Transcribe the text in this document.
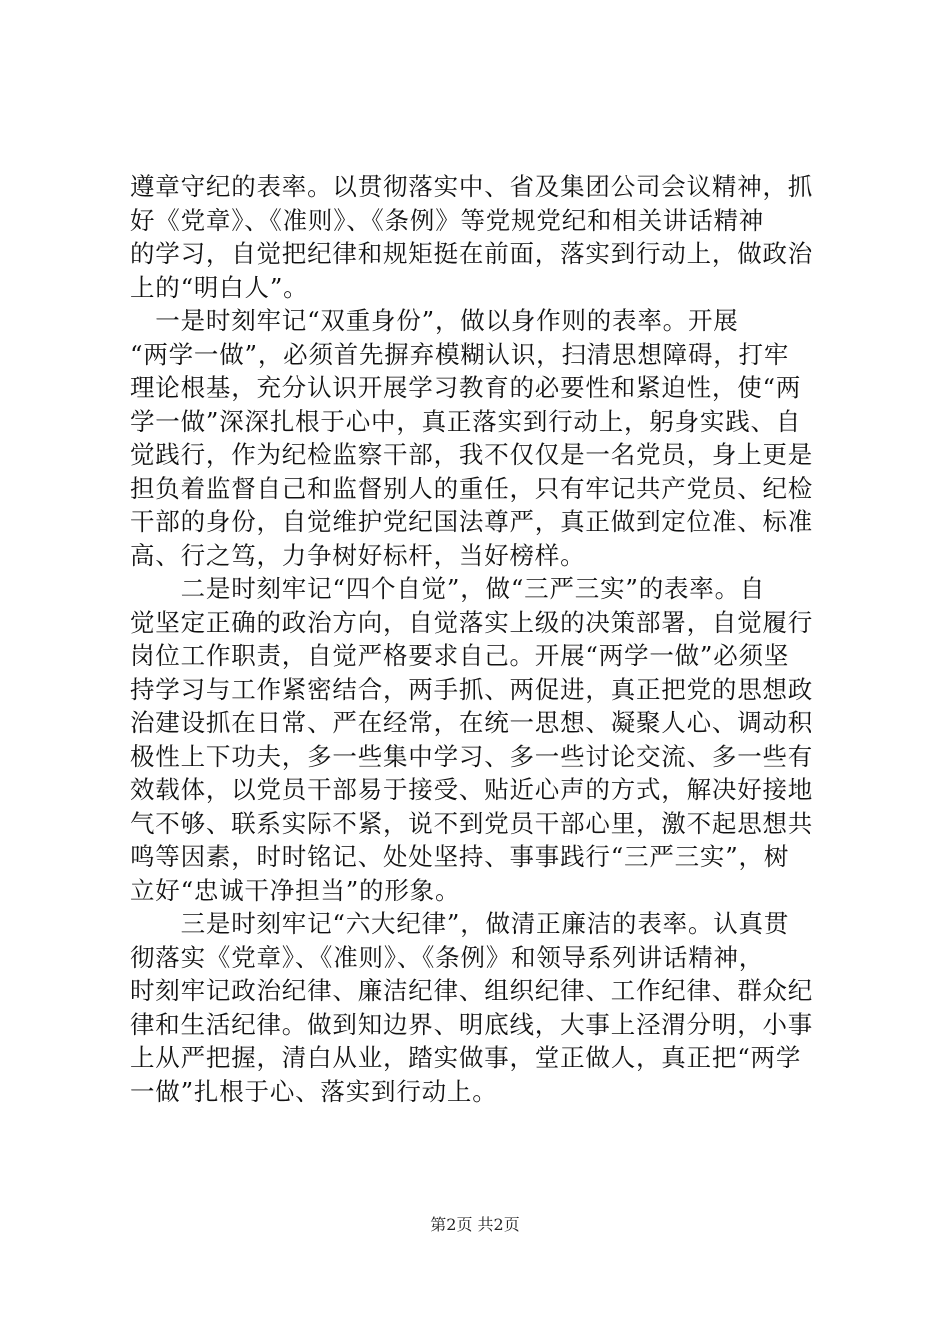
遵章守纪的表率。以贯彻落实中、省及集团公司会议精神，抓
好《党章》、《准则》、《条例》等党规党纪和相关讲话精神
的学习，自觉把纪律和规矩挺在前面，落实到行动上，做政治
上的“明白人”。
　一是时刻牢记“双重身份”，做以身作则的表率。开展
“两学一做”，必须首先摒弃模糊认识，扫清思想障碍，打牢
理论根基，充分认识开展学习教育的必要性和紧迫性，使“两
学一做”深深扎根于心中，真正落实到行动上，躬身实践、自
觉践行，作为纪检监察干部，我不仅仅是一名党员，身上更是
担负着监督自己和监督别人的重任，只有牢记共产党员、纪检
干部的身份，自觉维护党纪国法尊严，真正做到定位准、标准
高、行之笃，力争树好标杆，当好榜样。
　　二是时刻牢记“四个自觉”，做“三严三实”的表率。自
觉坚定正确的政治方向，自觉落实上级的决策部署，自觉履行
岗位工作职责，自觉严格要求自己。开展“两学一做”必须坚
持学习与工作紧密结合，两手抓、两促进，真正把党的思想政
治建设抓在日常、严在经常，在统一思想、凝聚人心、调动积
极性上下功夫，多一些集中学习、多一些讨论交流、多一些有
效载体，以党员干部易于接受、贴近心声的方式，解决好接地
气不够、联系实际不紧，说不到党员干部心里，激不起思想共
鸣等因素，时时铭记、处处坚持、事事践行“三严三实”，树
立好“忠诚干净担当”的形象。
　　三是时刻牢记“六大纪律”，做清正廉洁的表率。认真贯
彻落实《党章》、《准则》、《条例》和领导系列讲话精神，
时刻牢记政治纪律、廉洁纪律、组织纪律、工作纪律、群众纪
律和生活纪律。做到知边界、明底线，大事上泾渭分明，小事
上从严把握，清白从业，踏实做事，堂正做人，真正把“两学
一做”扎根于心、落实到行动上。
第2页 共2页
